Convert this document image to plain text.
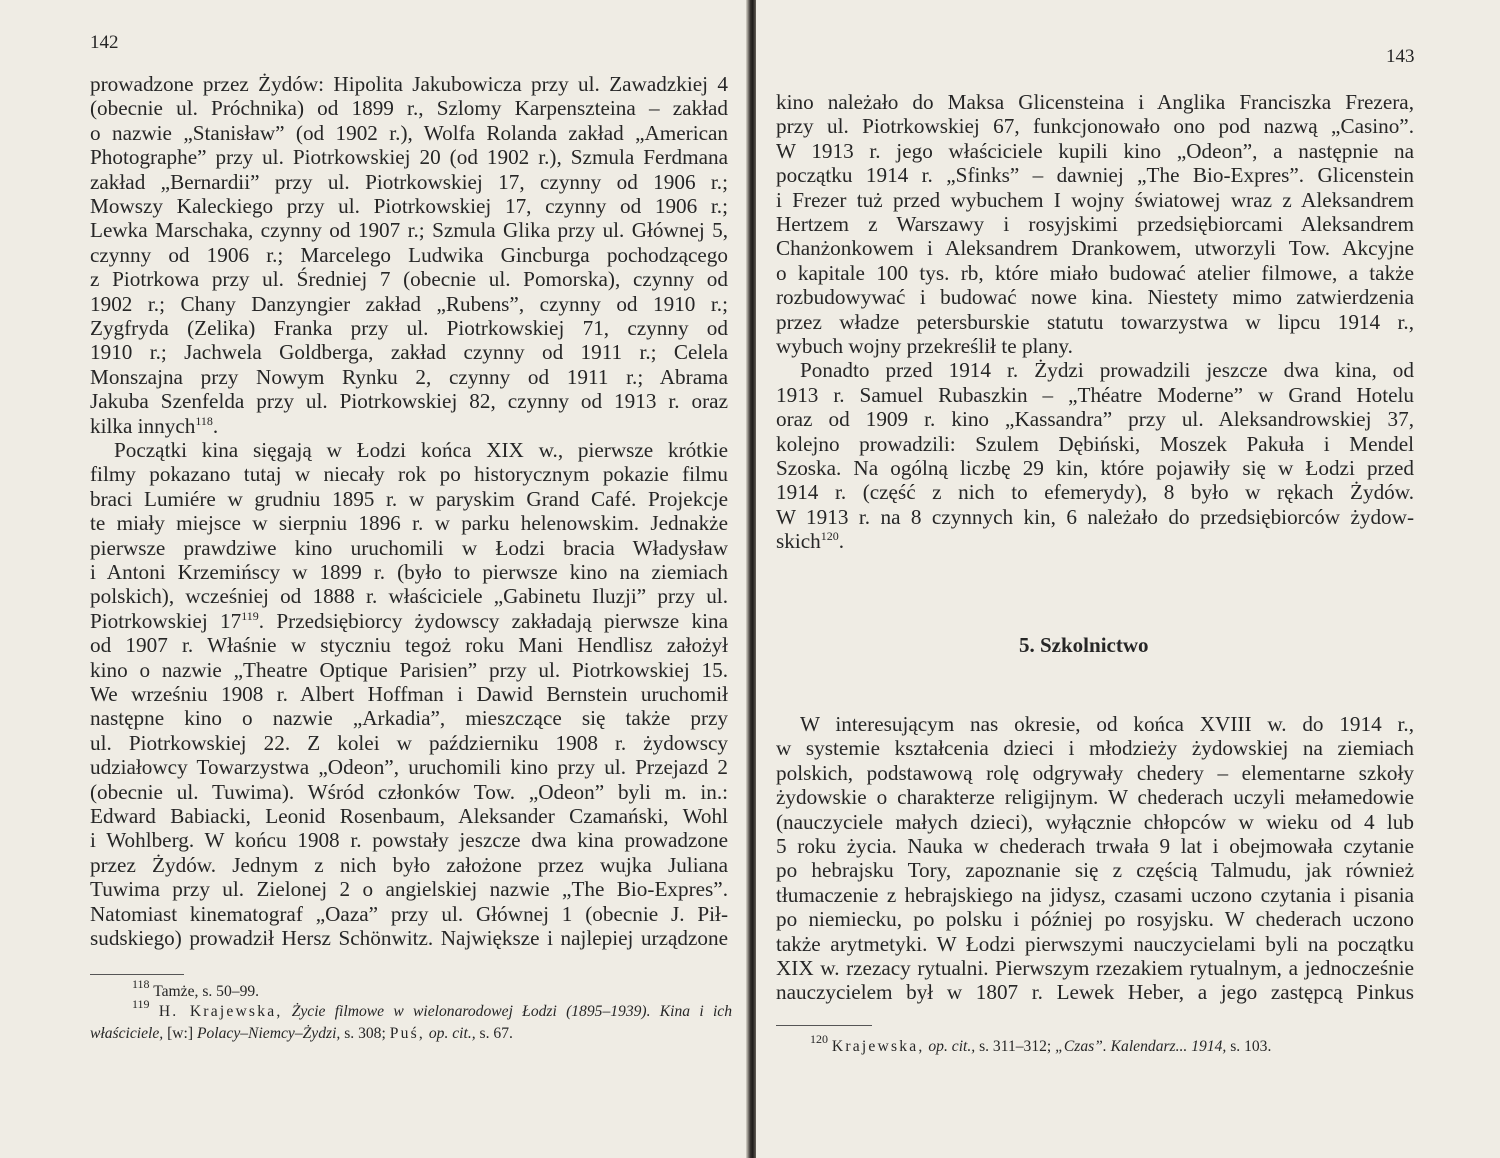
142
prowadzone przez Żydów: Hipolita Jakubowicza przy ul. Zawadzkiej 4
(obecnie ul. Próchnika) od 1899 r., Szlomy Karpenszteina – zakład
o nazwie „Stanisław” (od 1902 r.), Wolfa Rolanda zakład „American
Photographe” przy ul. Piotrkowskiej 20 (od 1902 r.), Szmula Ferdmana
zakład „Bernardii” przy ul. Piotrkowskiej 17, czynny od 1906 r.;
Mowszy Kaleckiego przy ul. Piotrkowskiej 17, czynny od 1906 r.;
Lewka Marschaka, czynny od 1907 r.; Szmula Glika przy ul. Głównej 5,
czynny od 1906 r.; Marcelego Ludwika Gincburga pochodzącego
z Piotrkowa przy ul. Średniej 7 (obecnie ul. Pomorska), czynny od
1902 r.; Chany Danzyngier zakład „Rubens”, czynny od 1910 r.;
Zygfryda (Zelika) Franka przy ul. Piotrkowskiej 71, czynny od
1910 r.; Jachwela Goldberga, zakład czynny od 1911 r.; Celela
Monszajna przy Nowym Rynku 2, czynny od 1911 r.; Abrama
Jakuba Szenfelda przy ul. Piotrkowskiej 82, czynny od 1913 r. oraz
kilka innych$^{118}$.
Początki kina sięgają w Łodzi końca XIX w., pierwsze krótkie
filmy pokazano tutaj w niecały rok po historycznym pokazie filmu
braci Lumiére w grudniu 1895 r. w paryskim Grand Café. Projekcje
te miały miejsce w sierpniu 1896 r. w parku helenowskim. Jednakże
pierwsze prawdziwe kino uruchomili w Łodzi bracia Władysław
i Antoni Krzemińscy w 1899 r. (było to pierwsze kino na ziemiach
polskich), wcześniej od 1888 r. właściciele „Gabinetu Iluzji” przy ul.
Piotrkowskiej $17^{119}$. Przedsiębiorcy żydowscy zakładają pierwsze kina
od 1907 r. Właśnie w styczniu tegoż roku Mani Hendlisz założył
kino o nazwie „Theatre Optique Parisien” przy ul. Piotrkowskiej 15.
We wrześniu 1908 r. Albert Hoffman i Dawid Bernstein uruchomił
następne kino o nazwie „Arkadia”, mieszczące się także przy
ul. Piotrkowskiej 22. Z kolei w październiku 1908 r. żydowscy
udziałowcy Towarzystwa „Odeon”, uruchomili kino przy ul. Przejazd 2
(obecnie ul. Tuwima). Wśród członków Tow. „Odeon” byli m. in.:
Edward Babiacki, Leonid Rosenbaum, Aleksander Czamański, Wohl
i Wohlberg. W końcu 1908 r. powstały jeszcze dwa kina prowadzone
przez Żydów. Jednym z nich było założone przez wujka Juliana
Tuwima przy ul. Zielonej 2 o angielskiej nazwie „The Bio-Expres”.
Natomiast kinematograf „Oaza” przy ul. Głównej 1 (obecnie J. Pił-
sudskiego) prowadził Hersz Schönwitz. Największe i najlepiej urządzone

$^{118}$ Tamże, s. 50–99.

$^{119}$ H. Krajewska, Życie filmowe w wielonarodowej Łodzi (1895–1939). Kina i ich właściciele, [w:] Polacy–Niemcy–Żydzi, s. 308; Puś, op. cit., s. 67.

143
kino należało do Maksa Glicensteina i Anglika Franciszka Frezera,
przy ul. Piotrkowskiej 67, funkcjonowało ono pod nazwą „Casino”.
W 1913 r. jego właściciele kupili kino „Odeon”, a następnie na
początku 1914 r. „Sfinks” – dawniej „The Bio-Expres”. Glicenstein
i Frezer tuż przed wybuchem I wojny światowej wraz z Aleksandrem
Hertzem z Warszawy i rosyjskimi przedsiębiorcami Aleksandrem
Chanżonkowem i Aleksandrem Drankowem, utworzyli Tow. Akcyjne
o kapitale 100 tys. rb, które miało budować atelier filmowe, a także
rozbudowywać i budować nowe kina. Niestety mimo zatwierdzenia
przez władze petersburskie statutu towarzystwa w lipcu 1914 r.,
wybuch wojny przekreślił te plany.
Ponadto przed 1914 r. Żydzi prowadzili jeszcze dwa kina, od
1913 r. Samuel Rubaszkin – „Théatre Moderne” w Grand Hotelu
oraz od 1909 r. kino „Kassandra” przy ul. Aleksandrowskiej 37,
kolejno prowadzili: Szulem Dębiński, Moszek Pakuła i Mendel
Szoska. Na ogólną liczbę 29 kin, które pojawiły się w Łodzi przed
1914 r. (część z nich to efemerydy), 8 było w rękach Żydów.
W 1913 r. na 8 czynnych kin, 6 należało do przedsiębiorców żydow-
skich$^{120}$.
5. Szkolnictwo
W interesującym nas okresie, od końca XVIII w. do 1914 r.,
w systemie kształcenia dzieci i młodzieży żydowskiej na ziemiach
polskich, podstawową rolę odgrywały chedery – elementarne szkoły
żydowskie o charakterze religijnym. W chederach uczyli mełamedowie
(nauczyciele małych dzieci), wyłącznie chłopców w wieku od 4 lub
5 roku życia. Nauka w chederach trwała 9 lat i obejmowała czytanie
po hebrajsku Tory, zapoznanie się z częścią Talmudu, jak również
tłumaczenie z hebrajskiego na jidysz, czasami uczono czytania i pisania
po niemiecku, po polsku i później po rosyjsku. W chederach uczono
także arytmetyki. W Łodzi pierwszymi nauczycielami byli na początku
XIX w. rzezacy rytualni. Pierwszym rzezakiem rytualnym, a jednocześnie
nauczycielem był w 1807 r. Lewek Heber, a jego zastępcą Pinkus

$^{120}$ Krajewska, op. cit., s. 311–312; „Czas”. Kalendarz... 1914, s. 103.
